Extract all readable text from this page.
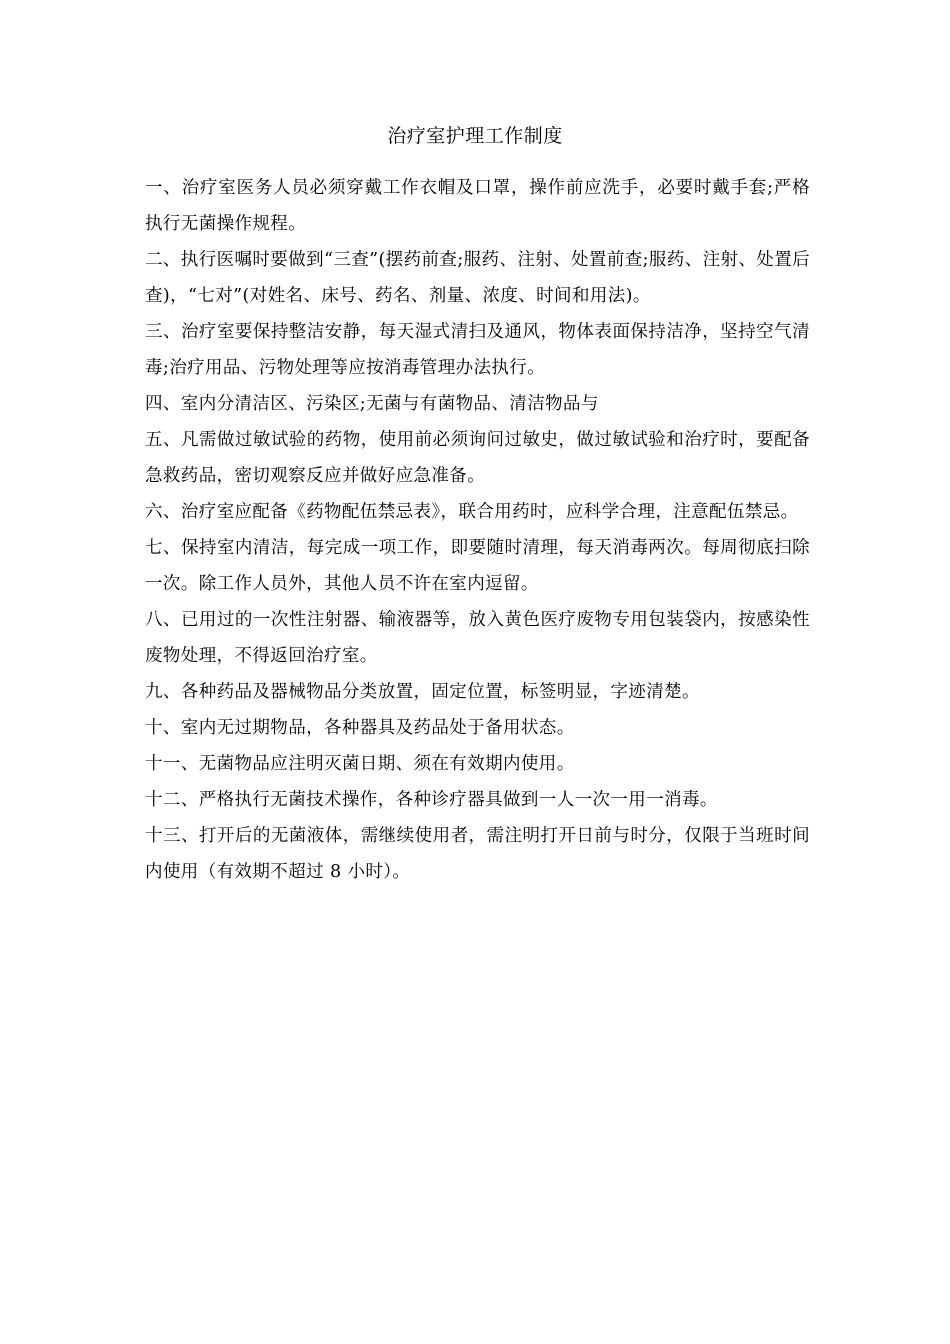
治疗室护理工作制度
一、治疗室医务人员必须穿戴工作衣帽及口罩，操作前应洗手，必要时戴手套;严格执行无菌操作规程。
二、执行医嘱时要做到“三查”(摆药前查;服药、注射、处置前查;服药、注射、处置后查)，“七对”(对姓名、床号、药名、剂量、浓度、时间和用法)。
三、治疗室要保持整洁安静，每天湿式清扫及通风，物体表面保持洁净，坚持空气清毒;治疗用品、污物处理等应按消毒管理办法执行。
四、室内分清洁区、污染区;无菌与有菌物品、清洁物品与
五、凡需做过敏试验的药物，使用前必须询问过敏史，做过敏试验和治疗时，要配备急救药品，密切观察反应并做好应急准备。
六、治疗室应配备《药物配伍禁忌表》，联合用药时，应科学合理，注意配伍禁忌。
七、保持室内清洁，每完成一项工作，即要随时清理，每天消毒两次。每周彻底扫除一次。除工作人员外，其他人员不许在室内逗留。
八、已用过的一次性注射器、输液器等，放入黄色医疗废物专用包装袋内，按感染性废物处理，不得返回治疗室。
九、各种药品及器械物品分类放置，固定位置，标签明显，字迹清楚。
十、室内无过期物品，各种器具及药品处于备用状态。
十一、无菌物品应注明灭菌日期、须在有效期内使用。
十二、严格执行无菌技术操作，各种诊疗器具做到一人一次一用一消毒。
十三、打开后的无菌液体，需继续使用者，需注明打开日前与时分，仅限于当班时间内使用（有效期不超过 8 小时）。
